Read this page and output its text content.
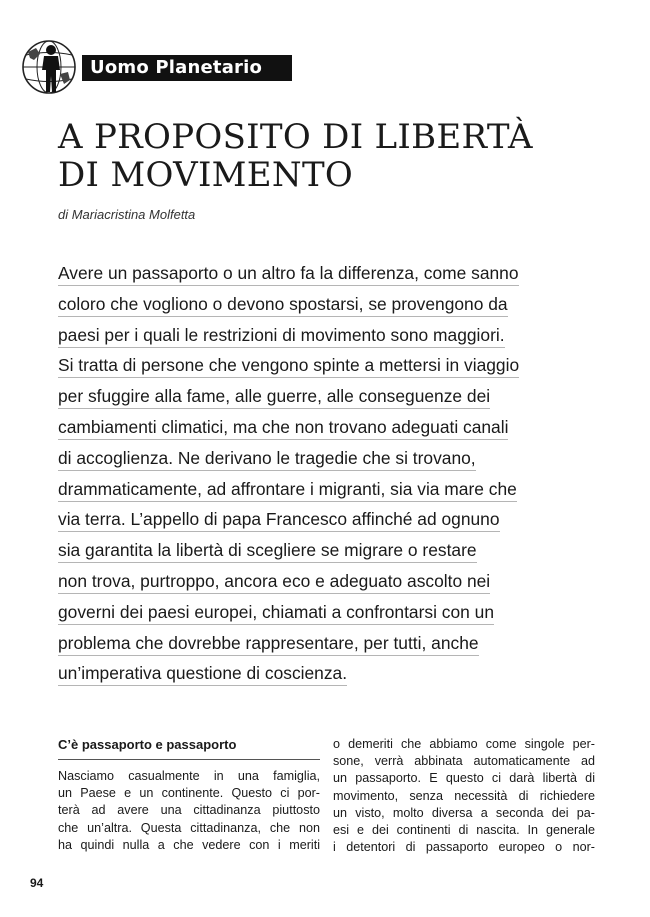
Uomo Planetario
A PROPOSITO DI LIBERTÀ
DI MOVIMENTO
di Mariacristina Molfetta
Avere un passaporto o un altro fa la differenza, come sanno
coloro che vogliono o devono spostarsi, se provengono da
paesi per i quali le restrizioni di movimento sono maggiori.
Si tratta di persone che vengono spinte a mettersi in viaggio
per sfuggire alla fame, alle guerre, alle conseguenze dei
cambiamenti climatici, ma che non trovano adeguati canali
di accoglienza. Ne derivano le tragedie che si trovano,
drammaticamente, ad affrontare i migranti, sia via mare che
via terra. L’appello di papa Francesco affinché ad ognuno
sia garantita la libertà di scegliere se migrare o restare
non trova, purtroppo, ancora eco e adeguato ascolto nei
governi dei paesi europei, chiamati a confrontarsi con un
problema che dovrebbe rappresentare, per tutti, anche
un’imperativa questione di coscienza.
C’è passaporto e passaporto
Nasciamo casualmente in una famiglia,
un Paese e un continente. Questo ci por-
terà ad avere una cittadinanza piuttosto
che un’altra. Questa cittadinanza, che non
ha quindi nulla a che vedere con i meriti
o demeriti che abbiamo come singole per-
sone, verrà abbinata automaticamente ad
un passaporto. E questo ci darà libertà di
movimento, senza necessità di richiedere
un visto, molto diversa a seconda dei pa-
esi e dei continenti di nascita. In generale
i detentori di passaporto europeo o nor-
94
